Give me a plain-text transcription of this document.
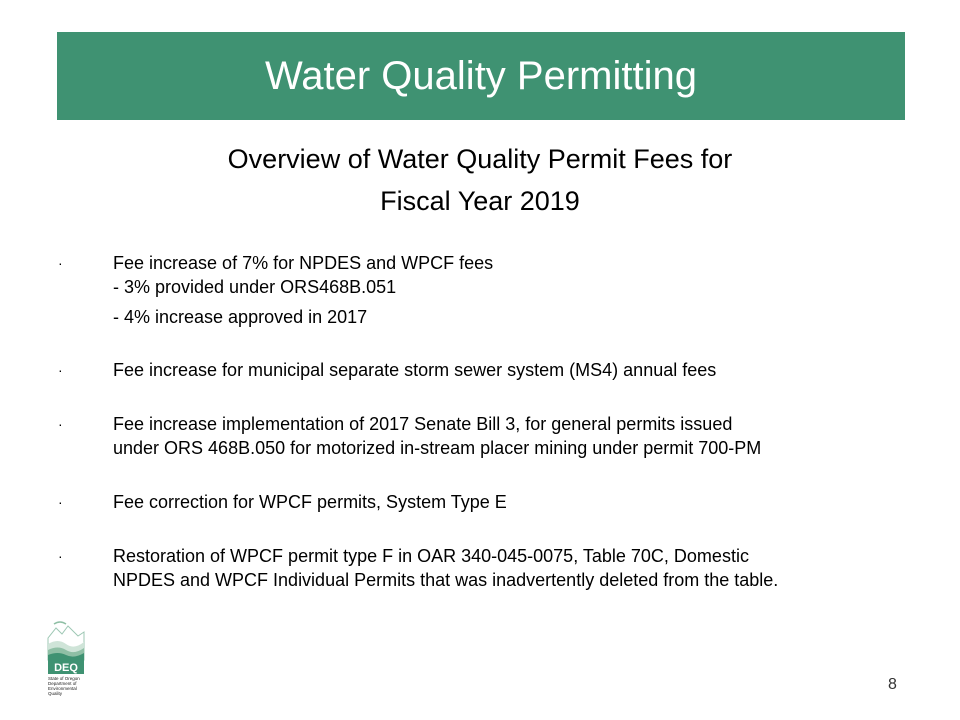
Water Quality Permitting
Overview of Water Quality Permit Fees for
Fiscal Year 2019
·	Fee increase of 7% for NPDES and WPCF fees
- 3% provided under ORS468B.051
- 4% increase approved in 2017
·	Fee increase for municipal separate storm sewer system (MS4) annual fees
·	Fee increase implementation of 2017 Senate Bill 3, for general permits issued
under ORS 468B.050 for motorized in-stream placer mining under permit 700-PM
·	Fee correction for WPCF permits, System Type E
·	Restoration of WPCF permit type F in OAR 340-045-0075, Table 70C, Domestic
NPDES and WPCF Individual Permits that was inadvertently deleted from the table.
DEQ
State of Oregon
Department of
Environmental
Quality
8
